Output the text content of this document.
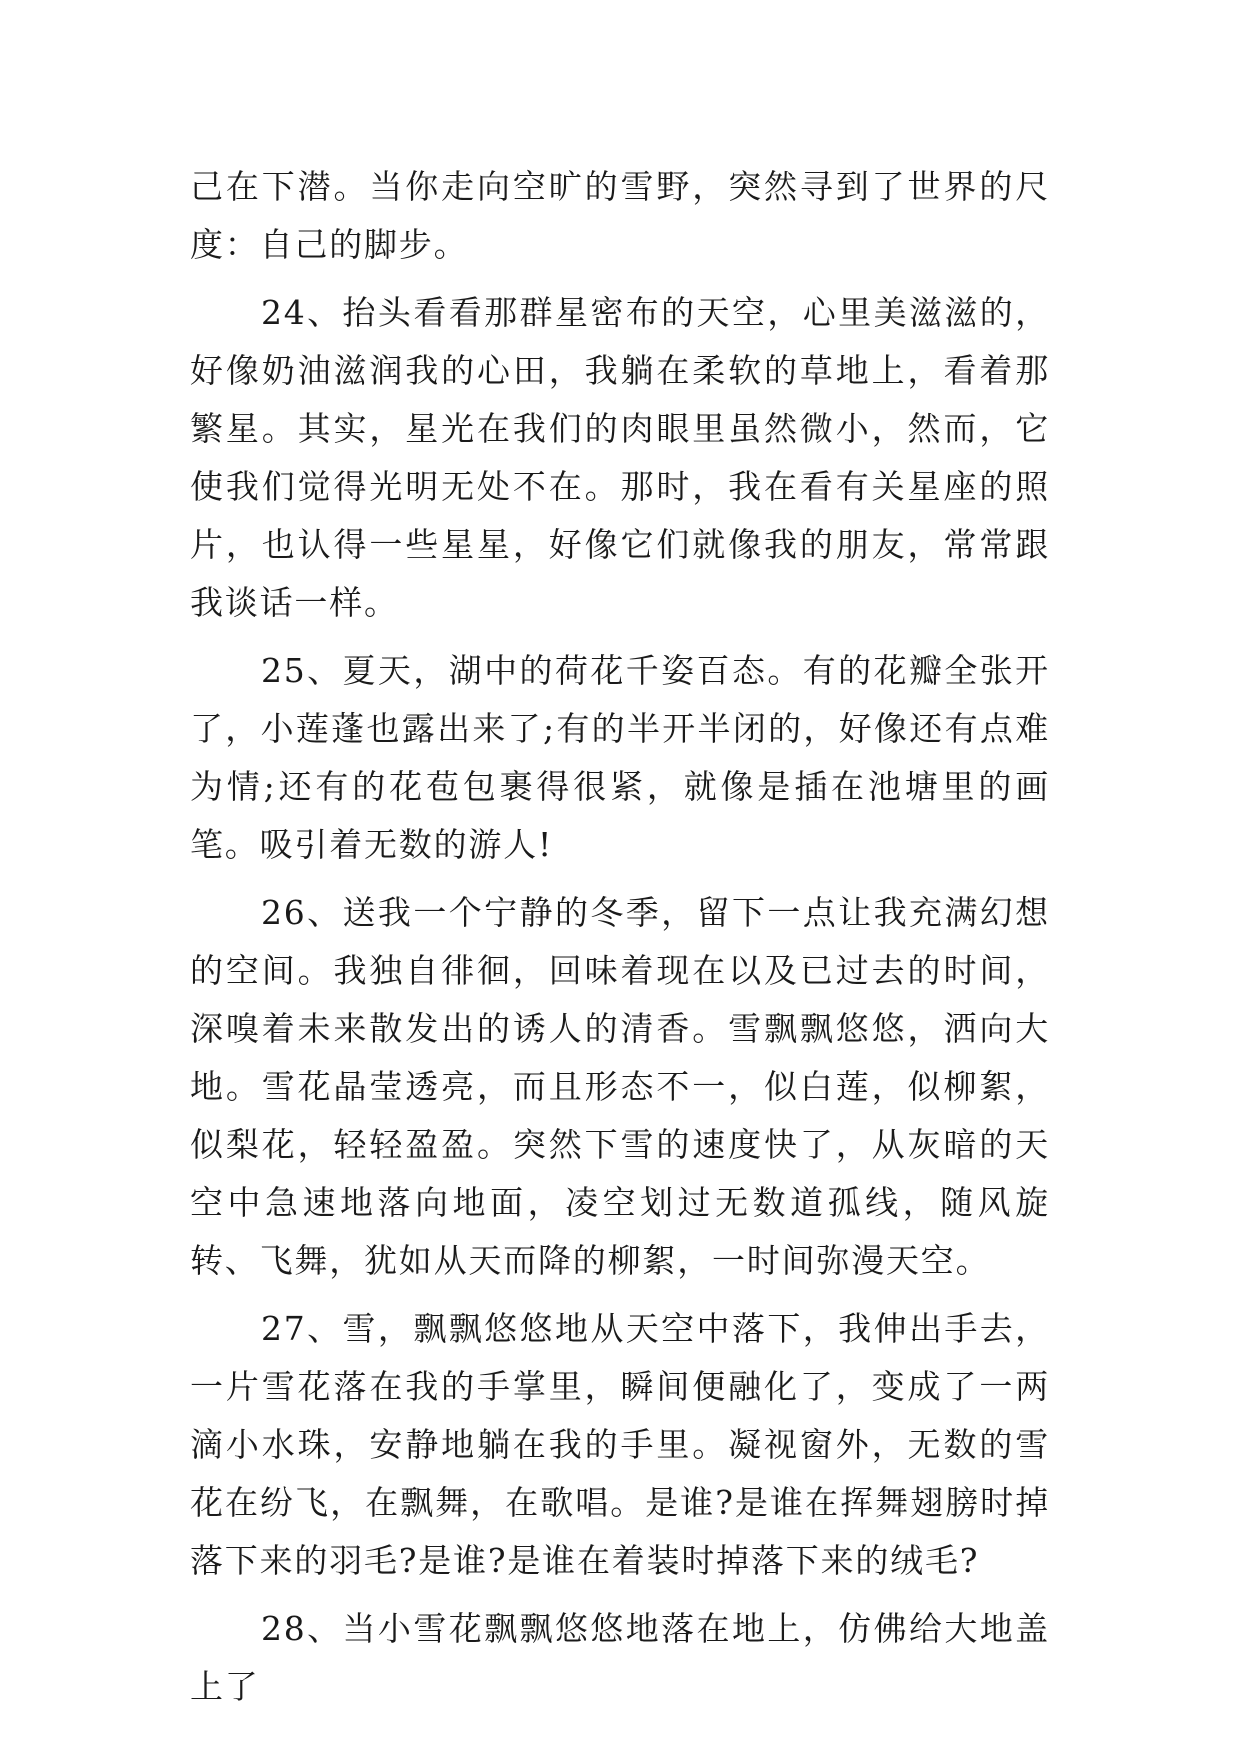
己在下潜。当你走向空旷的雪野，突然寻到了世界的尺度：自己的脚步。

24、抬头看看那群星密布的天空，心里美滋滋的，好像奶油滋润我的心田，我躺在柔软的草地上，看着那繁星。其实，星光在我们的肉眼里虽然微小，然而，它使我们觉得光明无处不在。那时，我在看有关星座的照片，也认得一些星星，好像它们就像我的朋友，常常跟我谈话一样。

25、夏天，湖中的荷花千姿百态。有的花瓣全张开了，小莲蓬也露出来了;有的半开半闭的，好像还有点难为情;还有的花苞包裹得很紧，就像是插在池塘里的画笔。吸引着无数的游人!

26、送我一个宁静的冬季，留下一点让我充满幻想的空间。我独自徘徊，回味着现在以及已过去的时间，深嗅着未来散发出的诱人的清香。雪飘飘悠悠，洒向大地。雪花晶莹透亮，而且形态不一，似白莲，似柳絮，似梨花，轻轻盈盈。突然下雪的速度快了，从灰暗的天空中急速地落向地面，凌空划过无数道孤线，随风旋转、飞舞，犹如从天而降的柳絮，一时间弥漫天空。

27、雪，飘飘悠悠地从天空中落下，我伸出手去，一片雪花落在我的手掌里，瞬间便融化了，变成了一两滴小水珠，安静地躺在我的手里。凝视窗外，无数的雪花在纷飞，在飘舞，在歌唱。是谁?是谁在挥舞翅膀时掉落下来的羽毛?是谁?是谁在着装时掉落下来的绒毛?

28、当小雪花飘飘悠悠地落在地上，仿佛给大地盖上了
